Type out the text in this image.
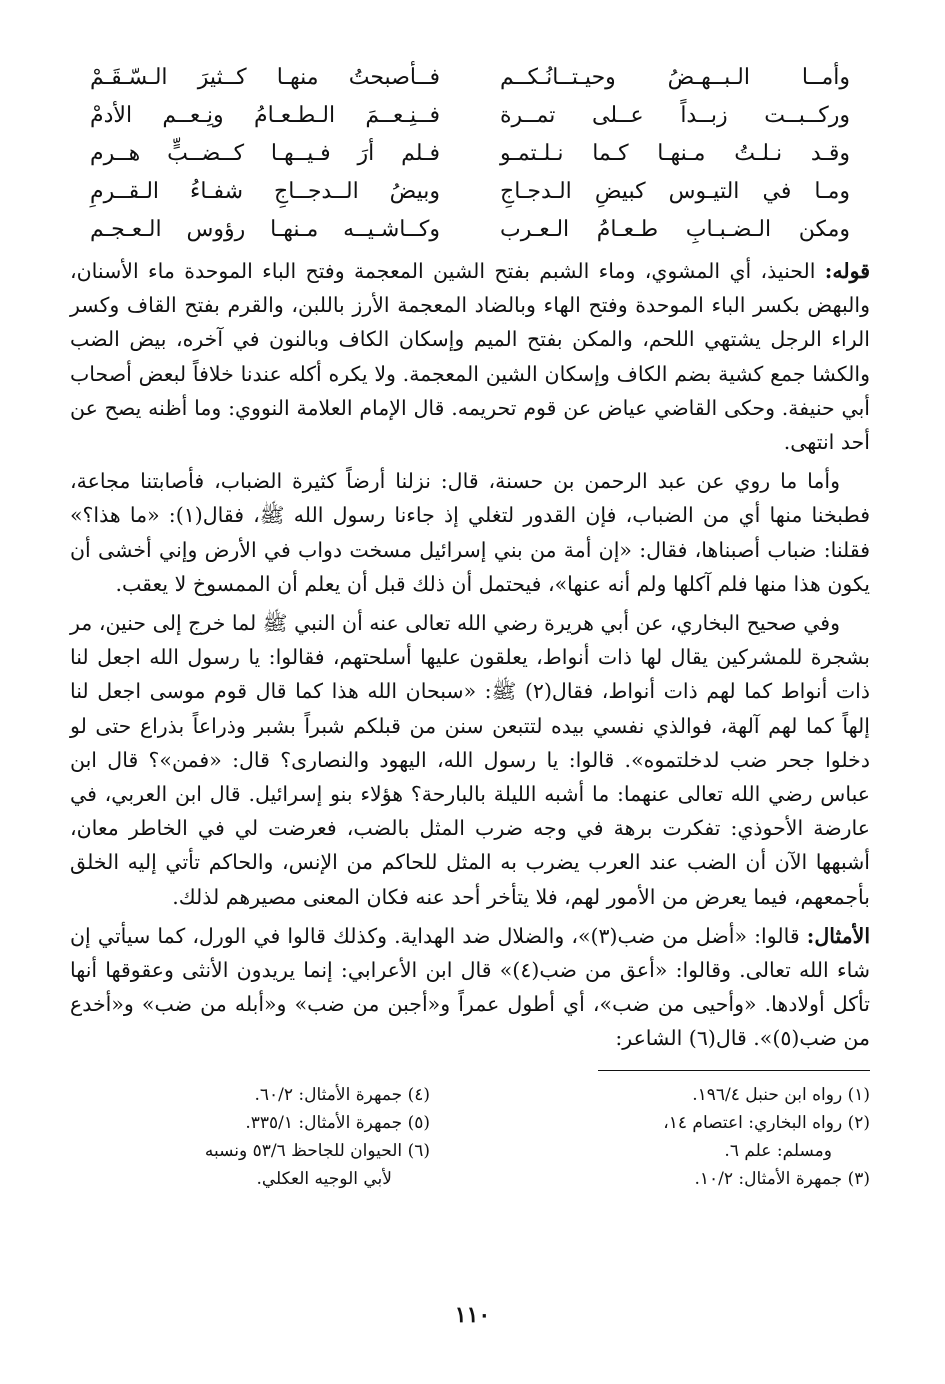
وأمــا الـبــهـضُ وحيـتــانُـكــم
فــأصبحتُ منهـا كــثيرَ الـسّـقَـمْ
وركــبــت زبــداً عــلى تمــرة
فــنِـعــمَ الـطـعـامُ ونِـعــم الأدمْ
وقـد نـلـتُ مـنهـا كـما نـلـتمـو
فـلم أرَ فـيــهـا كــضــبٍّ هــرم
ومـا في التيـوس كبيضِ الـدجـاجِ
وبيضُ الــدجــاجِ شفـاءُ الـقــرمِ
ومكن الـضـبـابِ طـعـامُ الـعـرب
وكــاشـيــه مـنهـا رؤوس الـعـجـم

قوله: الحنيذ، أي المشوي، وماء الشبم بفتح الشين المعجمة وفتح الباء الموحدة ماء الأسنان، والبهض بكسر الباء الموحدة وفتح الهاء وبالضاد المعجمة الأرز باللبن، والقرم بفتح القاف وكسر الراء الرجل يشتهي اللحم، والمكن بفتح الميم وإسكان الكاف وبالنون في آخره، بيض الضب والكشا جمع كشية بضم الكاف وإسكان الشين المعجمة. ولا يكره أكله عندنا خلافاً لبعض أصحاب أبي حنيفة. وحكى القاضي عياض عن قوم تحريمه. قال الإمام العلامة النووي: وما أظنه يصح عن أحد انتهى.

وأما ما روي عن عبد الرحمن بن حسنة، قال: نزلنا أرضاً كثيرة الضباب، فأصابتنا مجاعة، فطبخنا منها أي من الضباب، فإن القدور لتغلي إذ جاءنا رسول الله ﷺ، فقال(١): «ما هذا؟» فقلنا: ضباب أصبناها، فقال: «إن أمة من بني إسرائيل مسخت دواب في الأرض وإني أخشى أن يكون هذا منها فلم آكلها ولم أنه عنها»، فيحتمل أن ذلك قبل أن يعلم أن الممسوخ لا يعقب.

وفي صحيح البخاري، عن أبي هريرة رضي الله تعالى عنه أن النبي ﷺ لما خرج إلى حنين، مر بشجرة للمشركين يقال لها ذات أنواط، يعلقون عليها أسلحتهم، فقالوا: يا رسول الله اجعل لنا ذات أنواط كما لهم ذات أنواط، فقال(٢) ﷺ: «سبحان الله هذا كما قال قوم موسى اجعل لنا إلهاً كما لهم آلهة، فوالذي نفسي بيده لتتبعن سنن من قبلكم شبراً بشبر وذراعاً بذراع حتى لو دخلوا جحر ضب لدخلتموه». قالوا: يا رسول الله، اليهود والنصارى؟ قال: «فمن»؟ قال ابن عباس رضي الله تعالى عنهما: ما أشبه الليلة بالبارحة؟ هؤلاء بنو إسرائيل. قال ابن العربي، في عارضة الأحوذي: تفكرت برهة في وجه ضرب المثل بالضب، فعرضت لي في الخاطر معان، أشبهها الآن أن الضب عند العرب يضرب به المثل للحاكم من الإنس، والحاكم تأتي إليه الخلق بأجمعهم، فيما يعرض من الأمور لهم، فلا يتأخر أحد عنه فكان المعنى مصيرهم لذلك.

الأمثال: قالوا: «أضل من ضب(٣)»، والضلال ضد الهداية. وكذلك قالوا في الورل، كما سيأتي إن شاء الله تعالى. وقالوا: «أعق من ضب(٤)» قال ابن الأعرابي: إنما يريدون الأنثى وعقوقها أنها تأكل أولادها. «وأحيى من ضب»، أي أطول عمراً و«أجبن من ضب» و«أبله من ضب» و«أخدع من ضب(٥)». قال(٦) الشاعر:

(١) رواه ابن حنبل ١٩٦/٤.
(٢) رواه البخاري: اعتصام ١٤،
ومسلم: علم ٦.
(٣) جمهرة الأمثال: ١٠/٢.
(٤) جمهرة الأمثال: ٦٠/٢.
(٥) جمهرة الأمثال: ٣٣٥/١.
(٦) الحيوان للجاحظ ٥٣/٦ ونسبه
لأبي الوجيه العكلي.
١١٠
